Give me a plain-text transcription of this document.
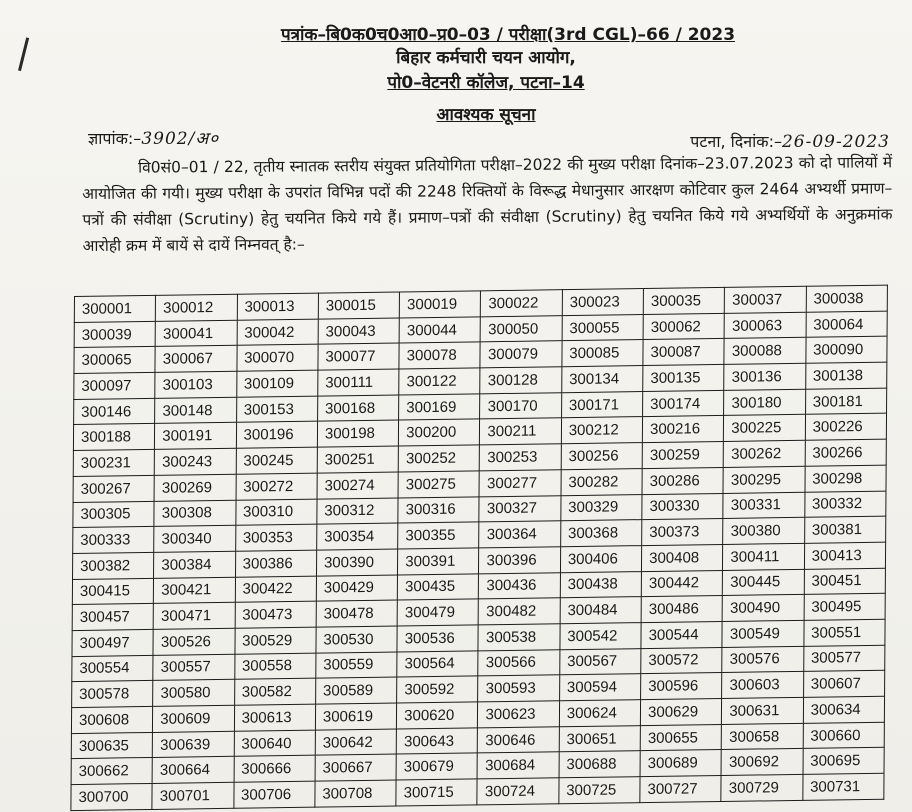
पत्रांक–बि0क0च0आ0–प्र0–03 / परीक्षा(3rd CGL)–66 / 2023
बिहार कर्मचारी चयन आयोग,
पो0–वेटनरी कॉलेज, पटना–14
आवश्यक सूचना
ज्ञापांक:–3902/अ०	पटना, दिनांक:–26-09-2023
वि0सं0–01 / 22, तृतीय स्नातक स्तरीय संयुक्त प्रतियोगिता परीक्षा–2022 की मुख्य परीक्षा दिनांक–23.07.2023 को दो पालियों में आयोजित की गयी। मुख्य परीक्षा के उपरांत विभिन्न पदों की 2248 रिक्तियों के विरूद्ध मेधानुसार आरक्षण कोटिवार कुल 2464 अभ्यर्थी प्रमाण–पत्रों की संवीक्षा (Scrutiny) हेतु चयनित किये गये हैं। प्रमाण–पत्रों की संवीक्षा (Scrutiny) हेतु चयनित किये गये अभ्यर्थियों के अनुक्रमांक आरोही क्रम में बायें से दायें निम्नवत् है:–
300001	300012	300013	300015	300019	300022	300023	300035	300037	300038
300039	300041	300042	300043	300044	300050	300055	300062	300063	300064
300065	300067	300070	300077	300078	300079	300085	300087	300088	300090
300097	300103	300109	300111	300122	300128	300134	300135	300136	300138
300146	300148	300153	300168	300169	300170	300171	300174	300180	300181
300188	300191	300196	300198	300200	300211	300212	300216	300225	300226
300231	300243	300245	300251	300252	300253	300256	300259	300262	300266
300267	300269	300272	300274	300275	300277	300282	300286	300295	300298
300305	300308	300310	300312	300316	300327	300329	300330	300331	300332
300333	300340	300353	300354	300355	300364	300368	300373	300380	300381
300382	300384	300386	300390	300391	300396	300406	300408	300411	300413
300415	300421	300422	300429	300435	300436	300438	300442	300445	300451
300457	300471	300473	300478	300479	300482	300484	300486	300490	300495
300497	300526	300529	300530	300536	300538	300542	300544	300549	300551
300554	300557	300558	300559	300564	300566	300567	300572	300576	300577
300578	300580	300582	300589	300592	300593	300594	300596	300603	300607
300608	300609	300613	300619	300620	300623	300624	300629	300631	300634
300635	300639	300640	300642	300643	300646	300651	300655	300658	300660
300662	300664	300666	300667	300679	300684	300688	300689	300692	300695
300700	300701	300706	300708	300715	300724	300725	300727	300729	300731
